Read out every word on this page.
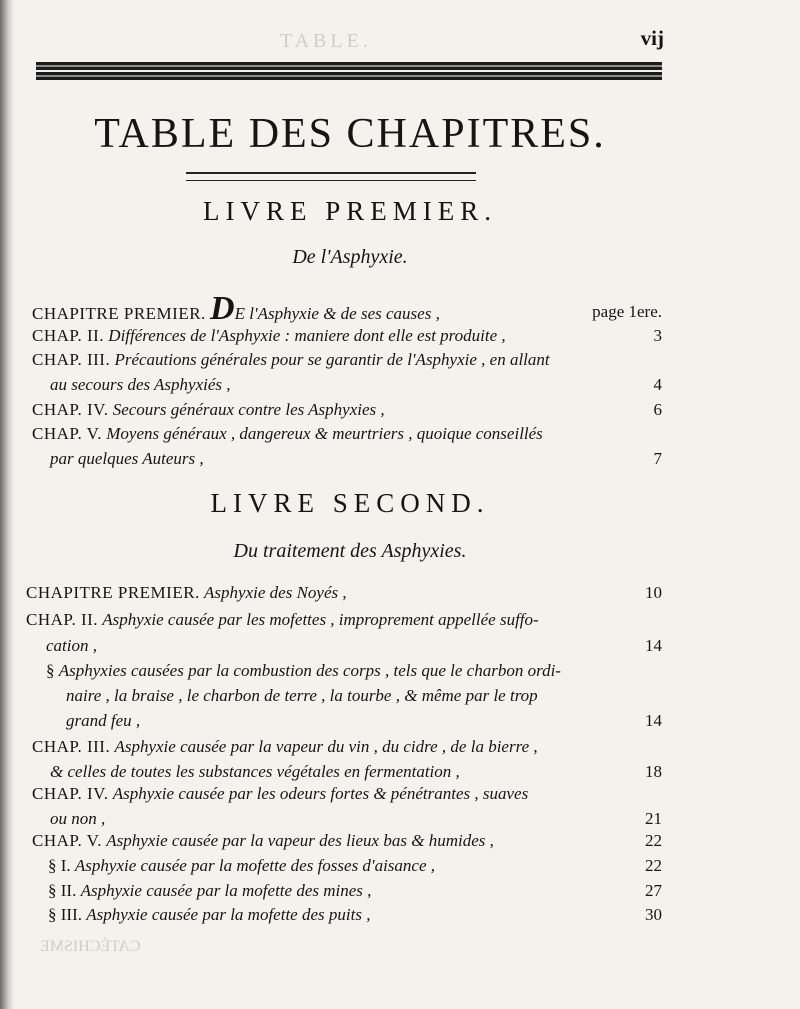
TABLE.	vij
TABLE DES CHAPITRES.
LIVRE PREMIER.
De l'Asphyxie.
CHAPITRE PREMIER. DE l'Asphyxie & de ses causes ,	page 1ere.
CHAP. II. Différences de l'Asphyxie : maniere dont elle est produite ,	3
CHAP. III. Précautions générales pour se garantir de l'Asphyxie , en allant
au secours des Asphyxiés ,	4
CHAP. IV. Secours généraux contre les Asphyxies ,	6
CHAP. V. Moyens généraux , dangereux & meurtriers , quoique conseillés
par quelques Auteurs ,	7
LIVRE SECOND.
Du traitement des Asphyxies.
CHAPITRE PREMIER. Asphyxie des Noyés ,	10
CHAP. II. Asphyxie causée par les mofettes , improprement appellée suffo-
cation ,	14
§ Asphyxies causées par la combustion des corps , tels que le charbon ordi-
naire , la braise , le charbon de terre , la tourbe , & même par le trop
grand feu ,	14
CHAP. III. Asphyxie causée par la vapeur du vin , du cidre , de la bierre ,
& celles de toutes les substances végétales en fermentation ,	18
CHAP. IV. Asphyxie causée par les odeurs fortes & pénétrantes , suaves
ou non ,	21
CHAP. V. Asphyxie causée par la vapeur des lieux bas & humides ,	22
§ I. Asphyxie causée par la mofette des fosses d'aisance ,	22
§ II. Asphyxie causée par la mofette des mines ,	27
§ III. Asphyxie causée par la mofette des puits ,	30
CATÉCHISME
